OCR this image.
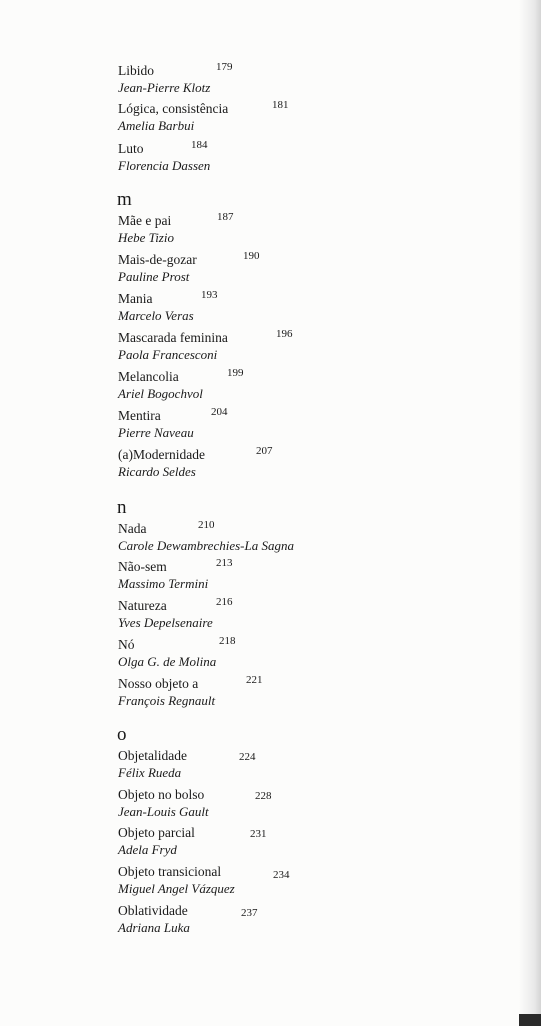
Libido	179
Jean-Pierre Klotz
Lógica, consistência	181
Amelia Barbui
Luto	184
Florencia Dassen
m
Mãe e pai	187
Hebe Tizio
Mais-de-gozar	190
Pauline Prost
Mania	193
Marcelo Veras
Mascarada feminina	196
Paola Francesconi
Melancolia	199
Ariel Bogochvol
Mentira	204
Pierre Naveau
(a)Modernidade	207
Ricardo Seldes
n
Nada	210
Carole Dewambrechies-La Sagna
Não-sem	213
Massimo Termini
Natureza	216
Yves Depelsenaire
Nó	218
Olga G. de Molina
Nosso objeto a	221
François Regnault
o
Objetalidade	224
Félix Rueda
Objeto no bolso	228
Jean-Louis Gault
Objeto parcial	231
Adela Fryd
Objeto transicional	234
Miguel Angel Vázquez
Oblatividade	237
Adriana Luka
